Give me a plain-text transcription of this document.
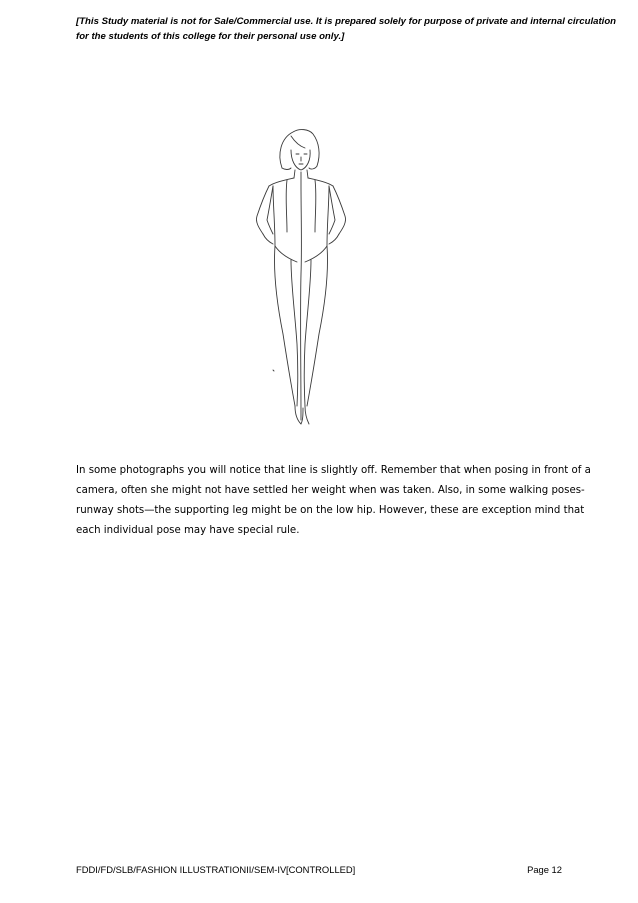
[This Study material is not for Sale/Commercial use. It is prepared solely for purpose of private and internal circulation
for the students of this college for their personal use only.]
In some photographs you will notice that line is slightly off. Remember that when posing in front of a
camera, often she might not have settled her weight when was taken. Also, in some walking poses-
runway shots—the supporting leg might be on the low hip. However, these are exception mind that
each individual pose may have special rule.
FDDI/FD/SLB/FASHION ILLUSTRATIONII/SEM-IV [CONTROLLED]	Page 12
